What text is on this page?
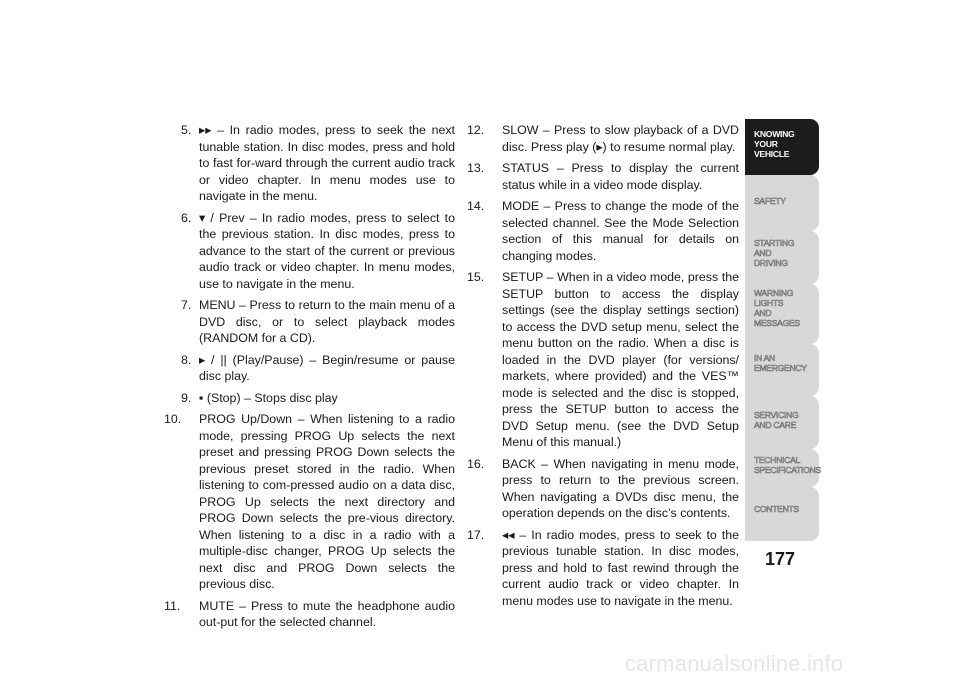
5. ▸▸ – In radio modes, press to seek the next tunable station. In disc modes, press and hold to fast for-ward through the current audio track or video chapter. In menu modes use to navigate in the menu.
6. ▾ / Prev – In radio modes, press to select to the previous station. In disc modes, press to advance to the start of the current or previous audio track or video chapter. In menu modes, use to navigate in the menu.
7. MENU – Press to return to the main menu of a DVD disc, or to select playback modes (RANDOM for a CD).
8. ▸ / || (Play/Pause) – Begin/resume or pause disc play.
9. ▪ (Stop) – Stops disc play
10. PROG Up/Down – When listening to a radio mode, pressing PROG Up selects the next preset and pressing PROG Down selects the previous preset stored in the radio. When listening to com-pressed audio on a data disc, PROG Up selects the next directory and PROG Down selects the pre-vious directory. When listening to a disc in a radio with a multiple-disc changer, PROG Up selects the next disc and PROG Down selects the previous disc.
11. MUTE – Press to mute the headphone audio out-put for the selected channel.
12. SLOW – Press to slow playback of a DVD disc. Press play (▸) to resume normal play.
13. STATUS – Press to display the current status while in a video mode display.
14. MODE – Press to change the mode of the selected channel. See the Mode Selection section of this manual for details on changing modes.
15. SETUP – When in a video mode, press the SETUP button to access the display settings (see the display settings section) to access the DVD setup menu, select the menu button on the radio. When a disc is loaded in the DVD player (for versions/ markets, where provided) and the VES™ mode is selected and the disc is stopped, press the SETUP button to access the DVD Setup menu. (see the DVD Setup Menu of this manual.)
16. BACK – When navigating in menu mode, press to return to the previous screen. When navigating a DVDs disc menu, the operation depends on the disc’s contents.
17. ◂◂ – In radio modes, press to seek to the previous tunable station. In disc modes, press and hold to fast rewind through the current audio track or video chapter. In menu modes use to navigate in the menu.
KNOWING
YOUR
VEHICLE
SAFETY
STARTING
AND
DRIVING
WARNING
LIGHTS
AND
MESSAGES
IN AN
EMERGENCY
SERVICING
AND CARE
TECHNICAL
SPECIFICATIONS
CONTENTS
177
carmanualsonline.info
